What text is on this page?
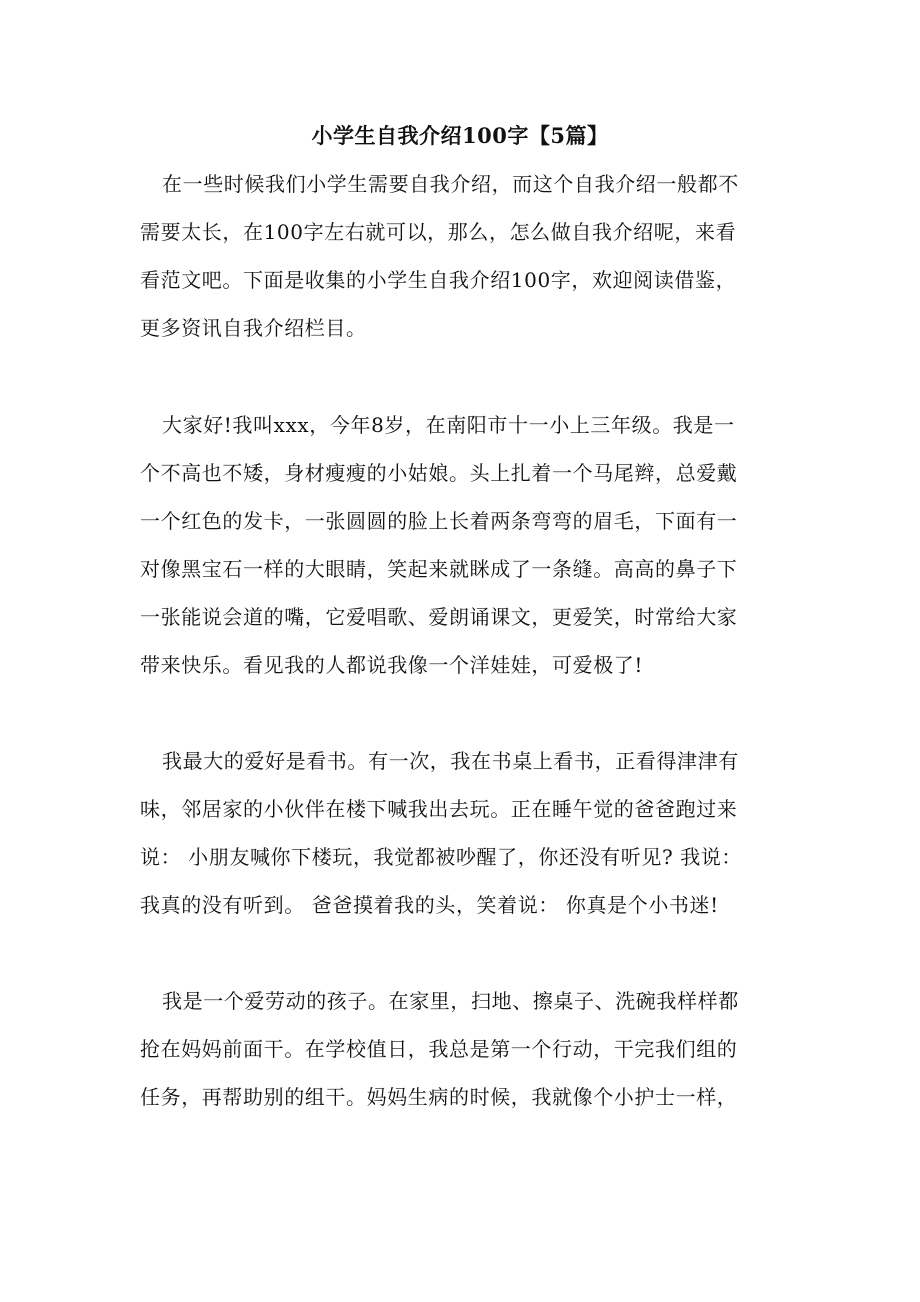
小学生自我介绍100字【5篇】
在一些时候我们小学生需要自我介绍，而这个自我介绍一般都不
需要太长，在100字左右就可以，那么，怎么做自我介绍呢，来看
看范文吧。下面是收集的小学生自我介绍100字，欢迎阅读借鉴，
更多资讯自我介绍栏目。
大家好!我叫xxx，今年8岁，在南阳市十一小上三年级。我是一
个不高也不矮，身材瘦瘦的小姑娘。头上扎着一个马尾辫，总爱戴
一个红色的发卡，一张圆圆的脸上长着两条弯弯的眉毛，下面有一
对像黑宝石一样的大眼睛，笑起来就眯成了一条缝。高高的鼻子下
一张能说会道的嘴，它爱唱歌、爱朗诵课文，更爱笑，时常给大家
带来快乐。看见我的人都说我像一个洋娃娃，可爱极了!
我最大的爱好是看书。有一次，我在书桌上看书，正看得津津有
味，邻居家的小伙伴在楼下喊我出去玩。正在睡午觉的爸爸跑过来
说： 小朋友喊你下楼玩，我觉都被吵醒了，你还没有听见? 我说：
我真的没有听到。 爸爸摸着我的头，笑着说： 你真是个小书迷!
我是一个爱劳动的孩子。在家里，扫地、擦桌子、洗碗我样样都
抢在妈妈前面干。在学校值日，我总是第一个行动，干完我们组的
任务，再帮助别的组干。妈妈生病的时候，我就像个小护士一样，
